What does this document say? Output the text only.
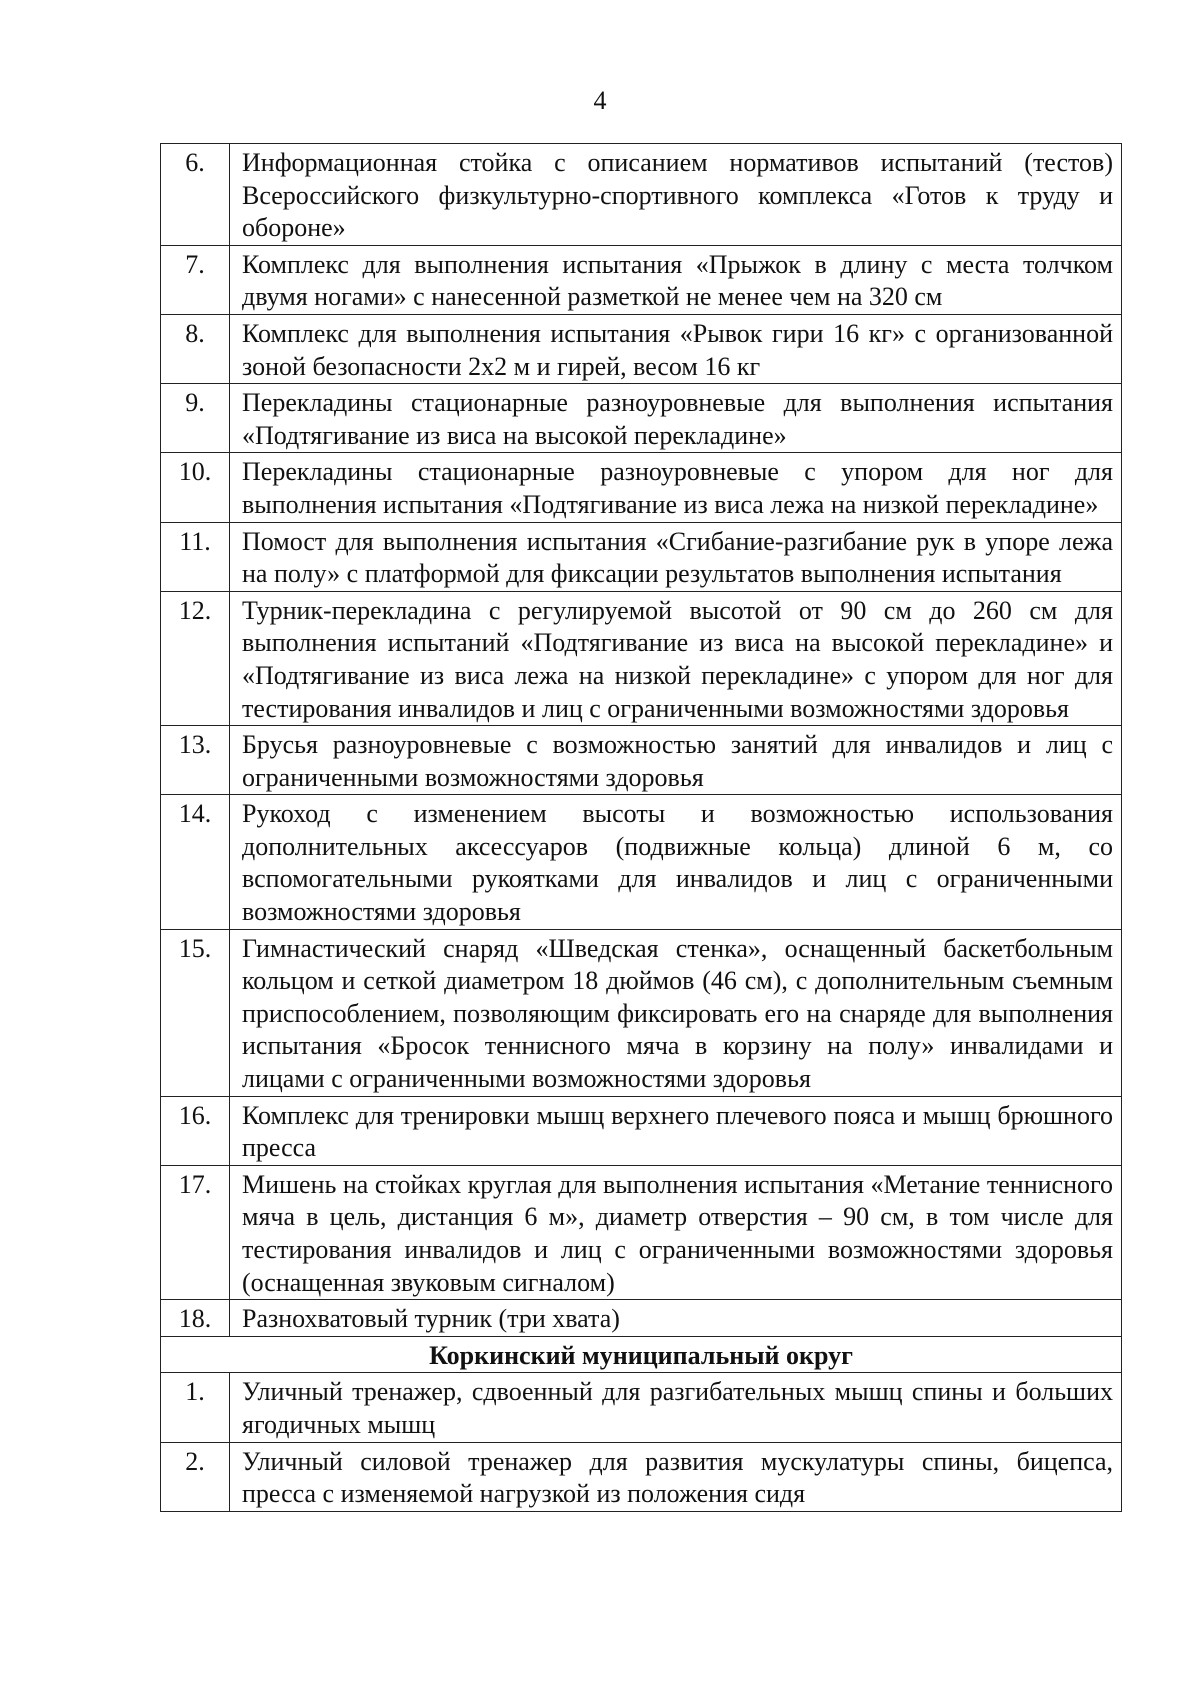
4
6.	Информационная стойка с описанием нормативов испытаний (тестов) Всероссийского физкультурно-спортивного комплекса «Готов к труду и обороне»
7.	Комплекс для выполнения испытания «Прыжок в длину с места толчком двумя ногами» с нанесенной разметкой не менее чем на 320 см
8.	Комплекс для выполнения испытания «Рывок гири 16 кг» с организованной зоной безопасности 2х2 м и гирей, весом 16 кг
9.	Перекладины стационарные разноуровневые для выполнения испытания «Подтягивание из виса на высокой перекладине»
10.	Перекладины стационарные разноуровневые с упором для ног для выполнения испытания «Подтягивание из виса лежа на низкой перекладине»
11.	Помост для выполнения испытания «Сгибание-разгибание рук в упоре лежа на полу» с платформой для фиксации результатов выполнения испытания
12.	Турник-перекладина с регулируемой высотой от 90 см до 260 см для выполнения испытаний «Подтягивание из виса на высокой перекладине» и «Подтягивание из виса лежа на низкой перекладине» с упором для ног для тестирования инвалидов и лиц с ограниченными возможностями здоровья
13.	Брусья разноуровневые с возможностью занятий для инвалидов и лиц с ограниченными возможностями здоровья
14.	Рукоход с изменением высоты и возможностью использования дополнительных аксессуаров (подвижные кольца) длиной 6 м, со вспомогательными рукоятками для инвалидов и лиц с ограниченными возможностями здоровья
15.	Гимнастический снаряд «Шведская стенка», оснащенный баскетбольным кольцом и сеткой диаметром 18 дюймов (46 см), с дополнительным съемным приспособлением, позволяющим фиксировать его на снаряде для выполнения испытания «Бросок теннисного мяча в корзину на полу» инвалидами и лицами с ограниченными возможностями здоровья
16.	Комплекс для тренировки мышц верхнего плечевого пояса и мышц брюшного пресса
17.	Мишень на стойках круглая для выполнения испытания «Метание теннисного мяча в цель, дистанция 6 м», диаметр отверстия – 90 см, в том числе для тестирования инвалидов и лиц с ограниченными возможностями здоровья (оснащенная звуковым сигналом)
18.	Разнохватовый турник (три хвата)
Коркинский муниципальный округ	
1.	Уличный тренажер, сдвоенный для разгибательных мышц спины и больших ягодичных мышц
2.	Уличный силовой тренажер для развития мускулатуры спины, бицепса, пресса с изменяемой нагрузкой из положения сидя
